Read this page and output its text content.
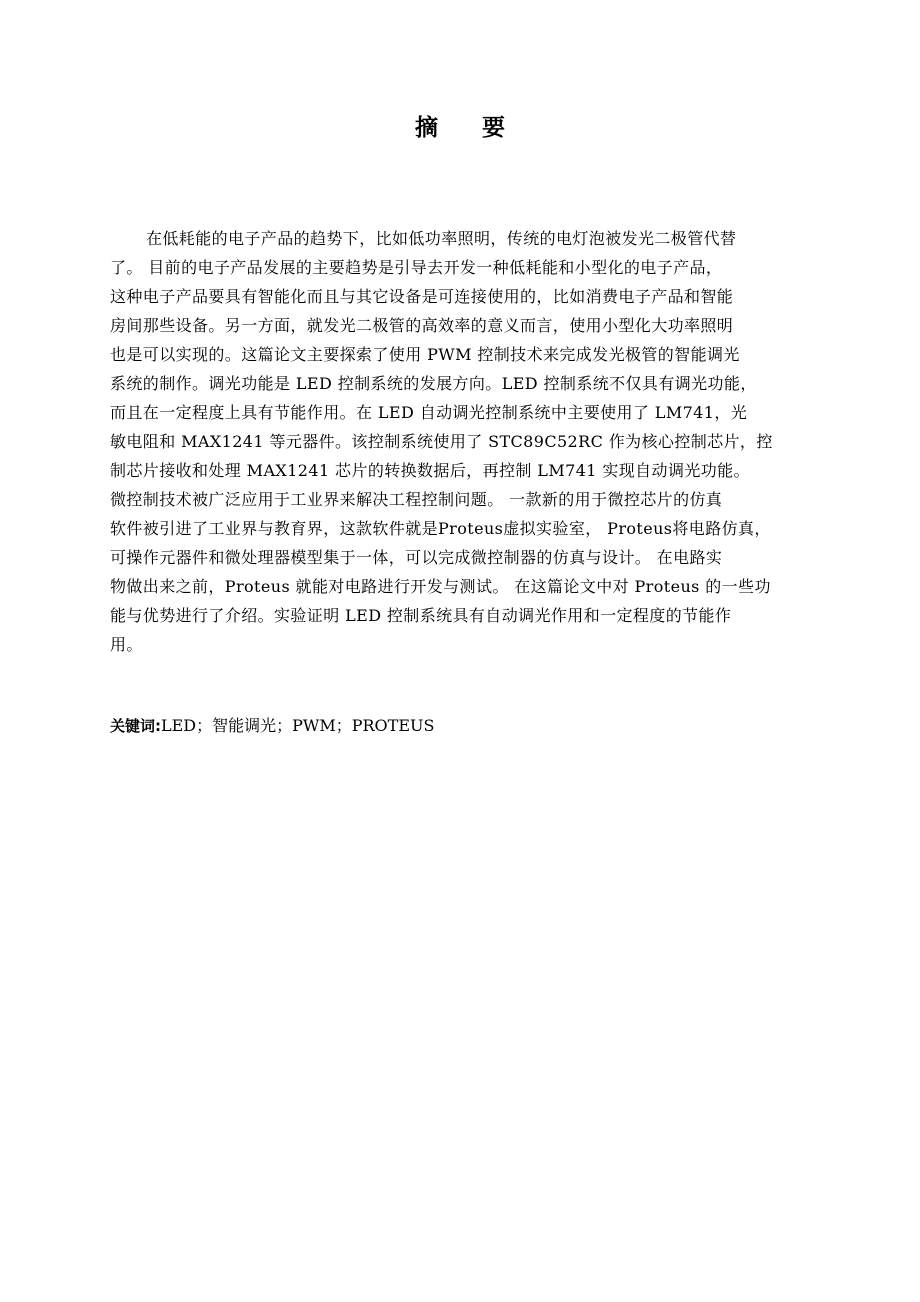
摘 要
在低耗能的电子产品的趋势下，比如低功率照明，传统的电灯泡被发光二极管代替
了。 目前的电子产品发展的主要趋势是引导去开发一种低耗能和小型化的电子产品，
这种电子产品要具有智能化而且与其它设备是可连接使用的，比如消费电子产品和智能
房间那些设备。另一方面，就发光二极管的高效率的意义而言，使用小型化大功率照明
也是可以实现的。这篇论文主要探索了使用 PWM 控制技术来完成发光极管的智能调光
系统的制作。调光功能是 LED 控制系统的发展方向。LED 控制系统不仅具有调光功能，
而且在一定程度上具有节能作用。在 LED 自动调光控制系统中主要使用了 LM741，光
敏电阻和 MAX1241 等元器件。该控制系统使用了 STC89C52RC 作为核心控制芯片，控
制芯片接收和处理 MAX1241 芯片的转换数据后，再控制 LM741 实现自动调光功能。
微控制技术被广泛应用于工业界来解决工程控制问题。 一款新的用于微控芯片的仿真
软件被引进了工业界与教育界，这款软件就是Proteus虚拟实验室， Proteus将电路仿真，
可操作元器件和微处理器模型集于一体，可以完成微控制器的仿真与设计。 在电路实
物做出来之前，Proteus 就能对电路进行开发与测试。 在这篇论文中对 Proteus 的一些功
能与优势进行了介绍。实验证明 LED 控制系统具有自动调光作用和一定程度的节能作
用。
关键词:LED；智能调光；PWM；PROTEUS
